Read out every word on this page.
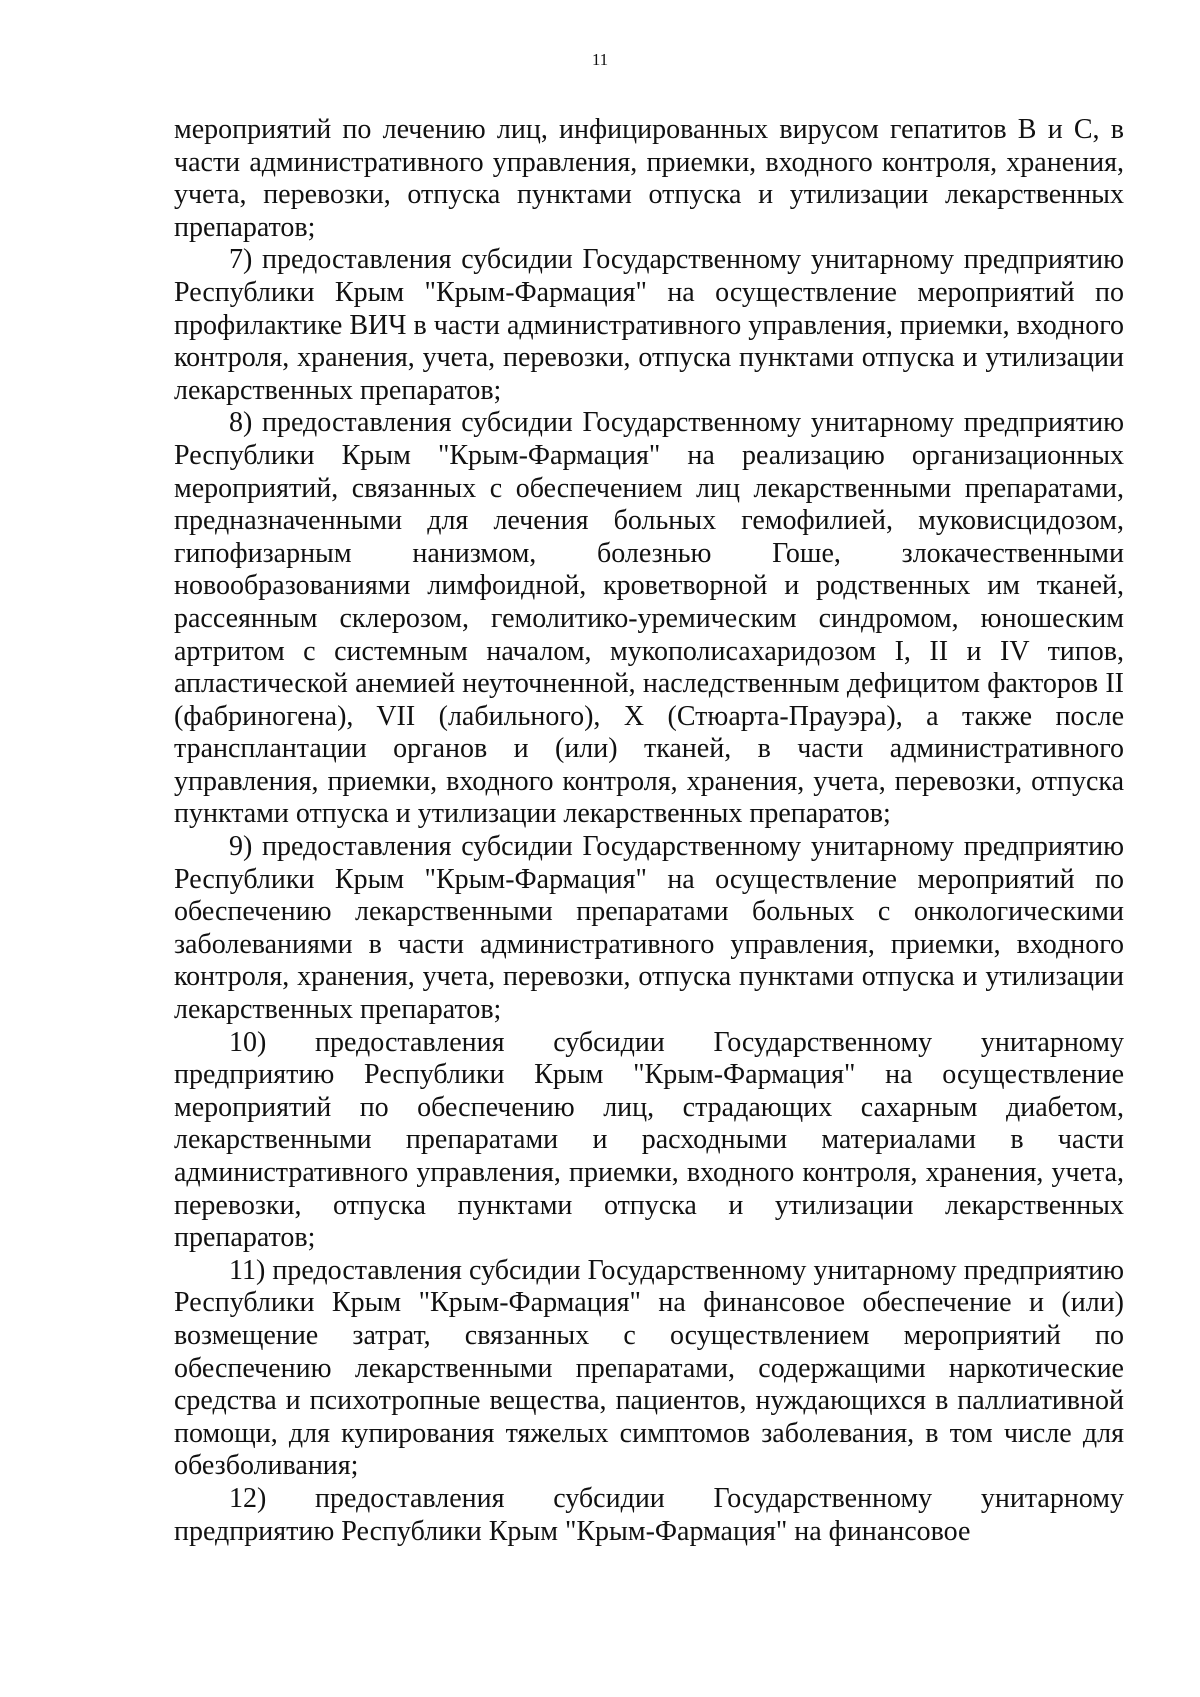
11

мероприятий по лечению лиц, инфицированных вирусом гепатитов B и C, в части административного управления, приемки, входного контроля, хранения, учета, перевозки, отпуска пунктами отпуска и утилизации лекарственных препаратов;

7) предоставления субсидии Государственному унитарному предприятию Республики Крым "Крым-Фармация" на осуществление мероприятий по профилактике ВИЧ в части административного управления, приемки, входного контроля, хранения, учета, перевозки, отпуска пунктами отпуска и утилизации лекарственных препаратов;

8) предоставления субсидии Государственному унитарному предприятию Республики Крым "Крым-Фармация" на реализацию организационных мероприятий, связанных с обеспечением лиц лекарственными препаратами, предназначенными для лечения больных гемофилией, муковисцидозом, гипофизарным нанизмом, болезнью Гоше, злокачественными новообразованиями лимфоидной, кроветворной и родственных им тканей, рассеянным склерозом, гемолитико-уремическим синдромом, юношеским артритом с системным началом, мукополисахаридозом I, II и IV типов, апластической анемией неуточненной, наследственным дефицитом факторов II (фабриногена), VII (лабильного), X (Стюарта-Прауэра), а также после трансплантации органов и (или) тканей, в части административного управления, приемки, входного контроля, хранения, учета, перевозки, отпуска пунктами отпуска и утилизации лекарственных препаратов;

9) предоставления субсидии Государственному унитарному предприятию Республики Крым "Крым-Фармация" на осуществление мероприятий по обеспечению лекарственными препаратами больных с онкологическими заболеваниями в части административного управления, приемки, входного контроля, хранения, учета, перевозки, отпуска пунктами отпуска и утилизации лекарственных препаратов;

10) предоставления субсидии Государственному унитарному предприятию Республики Крым "Крым-Фармация" на осуществление мероприятий по обеспечению лиц, страдающих сахарным диабетом, лекарственными препаратами и расходными материалами в части административного управления, приемки, входного контроля, хранения, учета, перевозки, отпуска пунктами отпуска и утилизации лекарственных препаратов;

11) предоставления субсидии Государственному унитарному предприятию Республики Крым "Крым-Фармация" на финансовое обеспечение и (или) возмещение затрат, связанных с осуществлением мероприятий по обеспечению лекарственными препаратами, содержащими наркотические средства и психотропные вещества, пациентов, нуждающихся в паллиативной помощи, для купирования тяжелых симптомов заболевания, в том числе для обезболивания;

12) предоставления субсидии Государственному унитарному предприятию Республики Крым "Крым-Фармация" на финансовое
